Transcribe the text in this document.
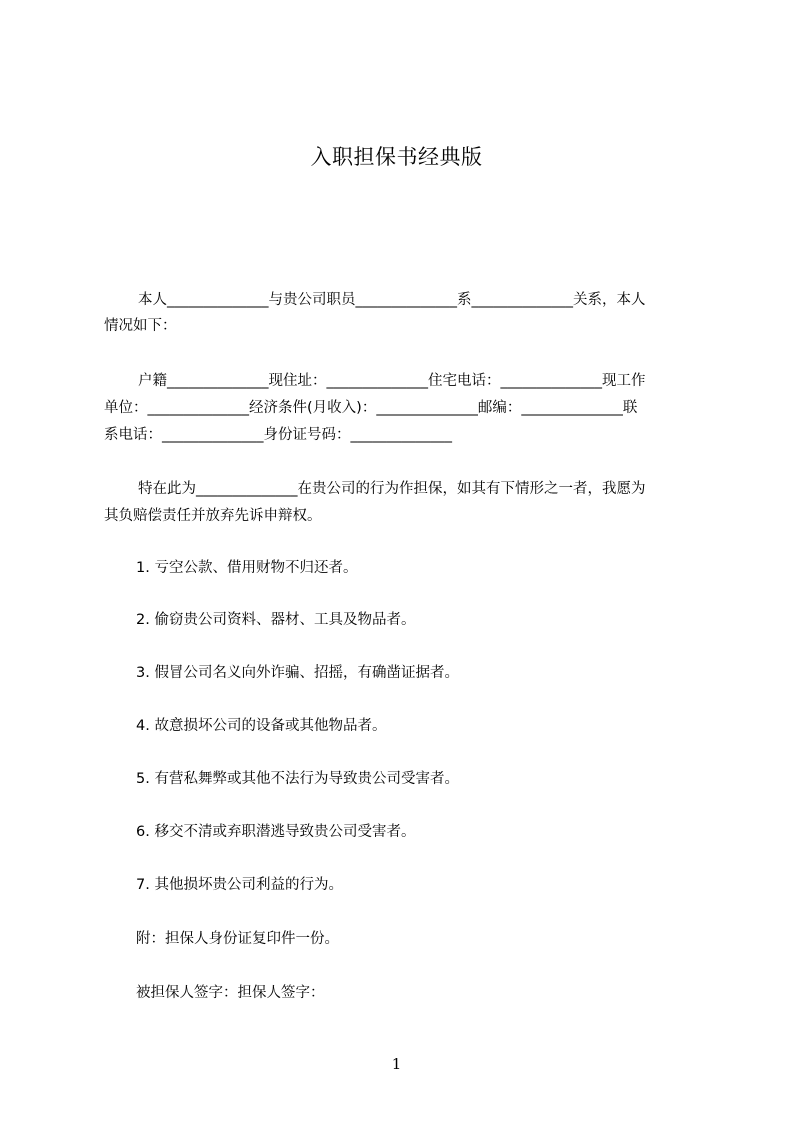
入职担保书经典版
本人______________与贵公司职员______________系______________关系，本人
情况如下：
户籍______________现住址：______________住宅电话：______________现工作
单位：______________经济条件(月收入)：______________邮编：______________联
系电话：______________身份证号码：______________
特在此为______________在贵公司的行为作担保，如其有下情形之一者，我愿为
其负赔偿责任并放弃先诉申辩权。
1. 亏空公款、借用财物不归还者。
2. 偷窃贵公司资料、器材、工具及物品者。
3. 假冒公司名义向外诈骗、招摇，有确凿证据者。
4. 故意损坏公司的设备或其他物品者。
5. 有营私舞弊或其他不法行为导致贵公司受害者。
6. 移交不清或弃职潜逃导致贵公司受害者。
7. 其他损坏贵公司利益的行为。
附：担保人身份证复印件一份。
被担保人签字：担保人签字：
1
